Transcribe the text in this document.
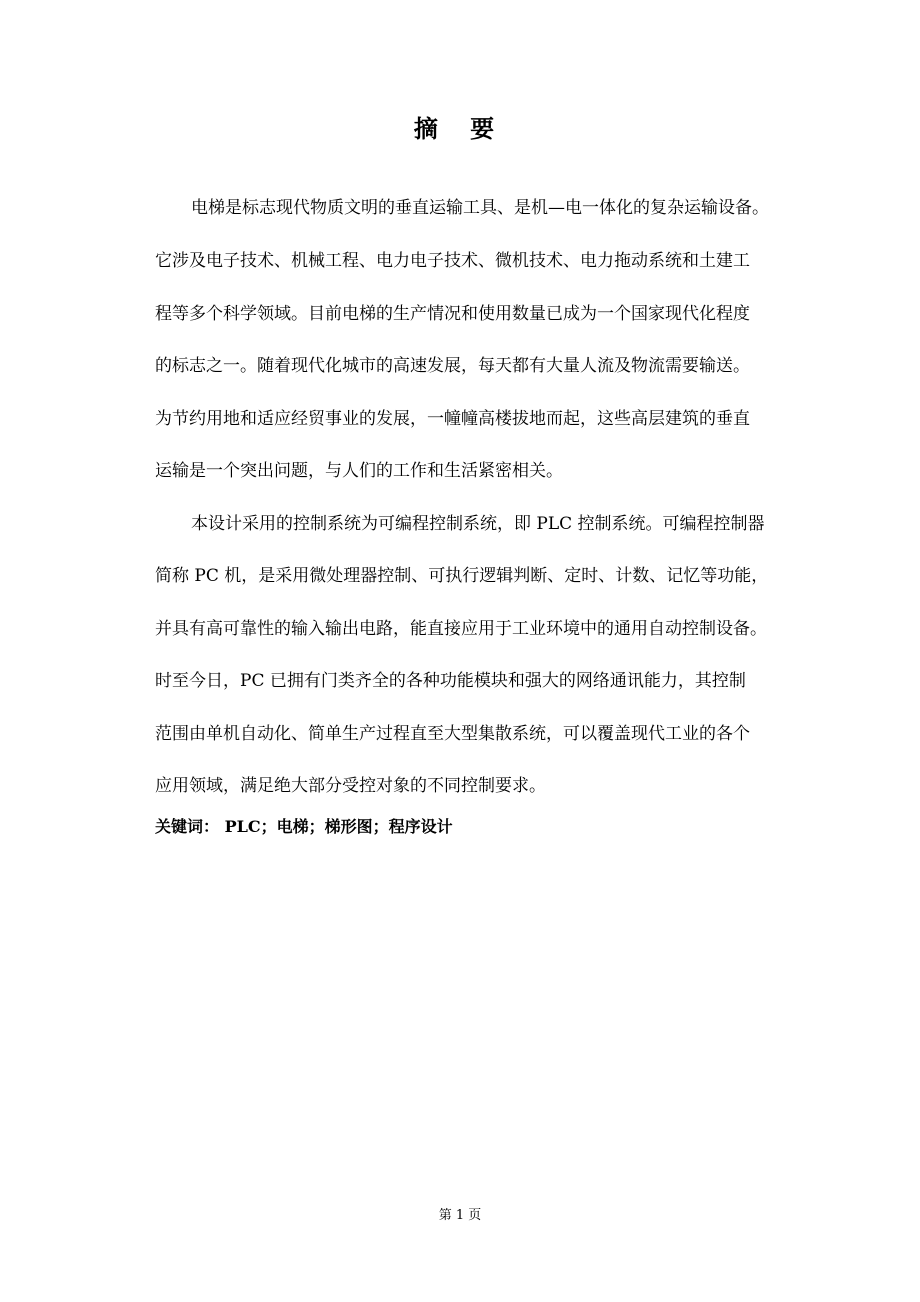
摘 要
电梯是标志现代物质文明的垂直运输工具、是机—电一体化的复杂运输设备。
它涉及电子技术、机械工程、电力电子技术、微机技术、电力拖动系统和土建工
程等多个科学领域。目前电梯的生产情况和使用数量已成为一个国家现代化程度
的标志之一。随着现代化城市的高速发展，每天都有大量人流及物流需要输送。
为节约用地和适应经贸事业的发展，一幢幢高楼拔地而起，这些高层建筑的垂直
运输是一个突出问题，与人们的工作和生活紧密相关。
本设计采用的控制系统为可编程控制系统，即 PLC 控制系统。可编程控制器
简称 PC 机，是采用微处理器控制、可执行逻辑判断、定时、计数、记忆等功能，
并具有高可靠性的输入输出电路，能直接应用于工业环境中的通用自动控制设备。
时至今日，PC 已拥有门类齐全的各种功能模块和强大的网络通讯能力，其控制
范围由单机自动化、简单生产过程直至大型集散系统，可以覆盖现代工业的各个
应用领域，满足绝大部分受控对象的不同控制要求。
关键词： PLC；电梯；梯形图；程序设计
第 1 页
